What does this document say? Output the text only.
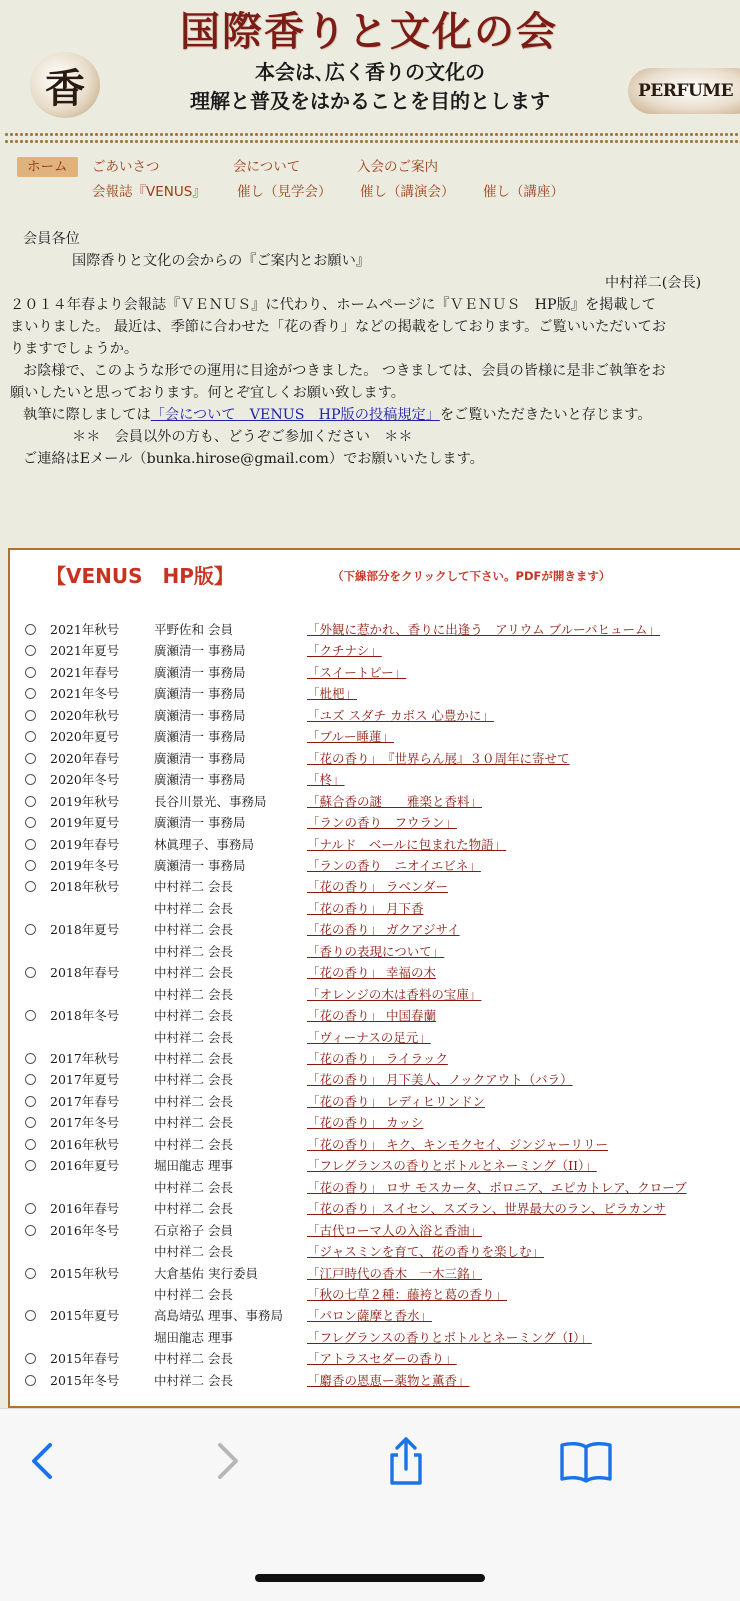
国際香りと文化の会
香	本会は､広く香りの文化の
理解と普及をはかることを目的とします	PERFUME
ホーム	ごあいさつ	会について	入会のご案内
会報誌『VENUS』 催し（見学会） 催し（講演会） 催し（講座）
会員各位
国際香りと文化の会からの『ご案内とお願い』
中村祥二(会長)
２０１４年春より会報誌『ＶＥＮＵＳ』に代わり、ホームページに『ＶＥＮＵＳ　HP版』を掲載して
まいりました。 最近は、季節に合わせた「花の香り」などの掲載をしております。ご覧いいただいてお
りますでしょうか。
お陰様で、このような形での運用に目途がつきました。 つきましては、会員の皆様に是非ご執筆をお
願いしたいと思っております。何とぞ宜しくお願い致します。
執筆に際しましては「会について　VENUS　HP版の投稿規定」をご覧いただきたいと存じます。
＊＊　会員以外の方も、どうぞご参加ください　＊＊
ご連絡はEメール（bunka.hirose@gmail.com）でお願いいたします。
【VENUS　HP版】	（下線部分をクリックして下さい。PDFが開きます）
2021年秋号	平野佐和 会員	「外観に惹かれ、香りに出逢う　アリウム ブルーパヒューム」
2021年夏号	廣瀬清一 事務局	「クチナシ」
2021年春号	廣瀬清一 事務局	「スイートピー」
2021年冬号	廣瀬清一 事務局	「枇杷」
2020年秋号	廣瀬清一 事務局	「ユズ スダチ カボス 心豊かに」
2020年夏号	廣瀬清一 事務局	「ブルー睡蓮」
2020年春号	廣瀬清一 事務局	「花の香り」　『世界らん展』３０周年に寄せて
2020年冬号	廣瀬清一 事務局	「柊」
2019年秋号	長谷川景光、事務局	「蘇合香の謎　　雅楽と香料」
2019年夏号	廣瀬清一 事務局	「ランの香り　フウラン」
2019年春号	林眞理子、事務局	「ナルド　ベールに包まれた物語」
2019年冬号	廣瀬清一 事務局	「ランの香り　ニオイエビネ」
2018年秋号	中村祥二 会長	「花の香り」 ラベンダー
中村祥二 会長	「花の香り」 月下香
2018年夏号	中村祥二 会長	「花の香り」 ガクアジサイ
中村祥二 会長	「香りの表現について」
2018年春号	中村祥二 会長	「花の香り」 幸福の木
中村祥二 会長	「オレンジの木は香料の宝庫」
2018年冬号	中村祥二 会長	「花の香り」 中国春蘭
中村祥二 会長	「ヴィーナスの足元」
2017年秋号	中村祥二 会長	「花の香り」 ライラック
2017年夏号	中村祥二 会長	「花の香り」 月下美人、ノックアウト（バラ）
2017年春号	中村祥二 会長	「花の香り」 レディヒリンドン
2017年冬号	中村祥二 会長	「花の香り」 カッシ
2016年秋号	中村祥二 会長	「花の香り」 キク、キンモクセイ、ジンジャーリリー
2016年夏号	堀田龍志 理事	「フレグランスの香りとボトルとネーミング（II）」
中村祥二 会長	「花の香り」 ロサ モスカータ、ボロニア、エピカトレア、クローブ
2016年春号	中村祥二 会長	「花の香り」スイセン、スズラン、世界最大のラン、ピラカンサ
2016年冬号	石京裕子 会員	「古代ローマ人の入浴と香油」
中村祥二 会長	「ジャスミンを育て、花の香りを楽しむ」
2015年秋号	大倉基佑 実行委員	「江戸時代の香木　一木三銘」
中村祥二 会長	「秋の七草２種：藤袴と葛の香り」
2015年夏号	高島靖弘 理事、事務局 「パロン薩摩と香水」
堀田龍志 理事	「フレグランスの香りとボトルとネーミング（I）」
2015年春号	中村祥二 会長	「アトラスセダーの香り」
2015年冬号	中村祥二 会長	「麝香の恩恵ー薬物と薫香」
